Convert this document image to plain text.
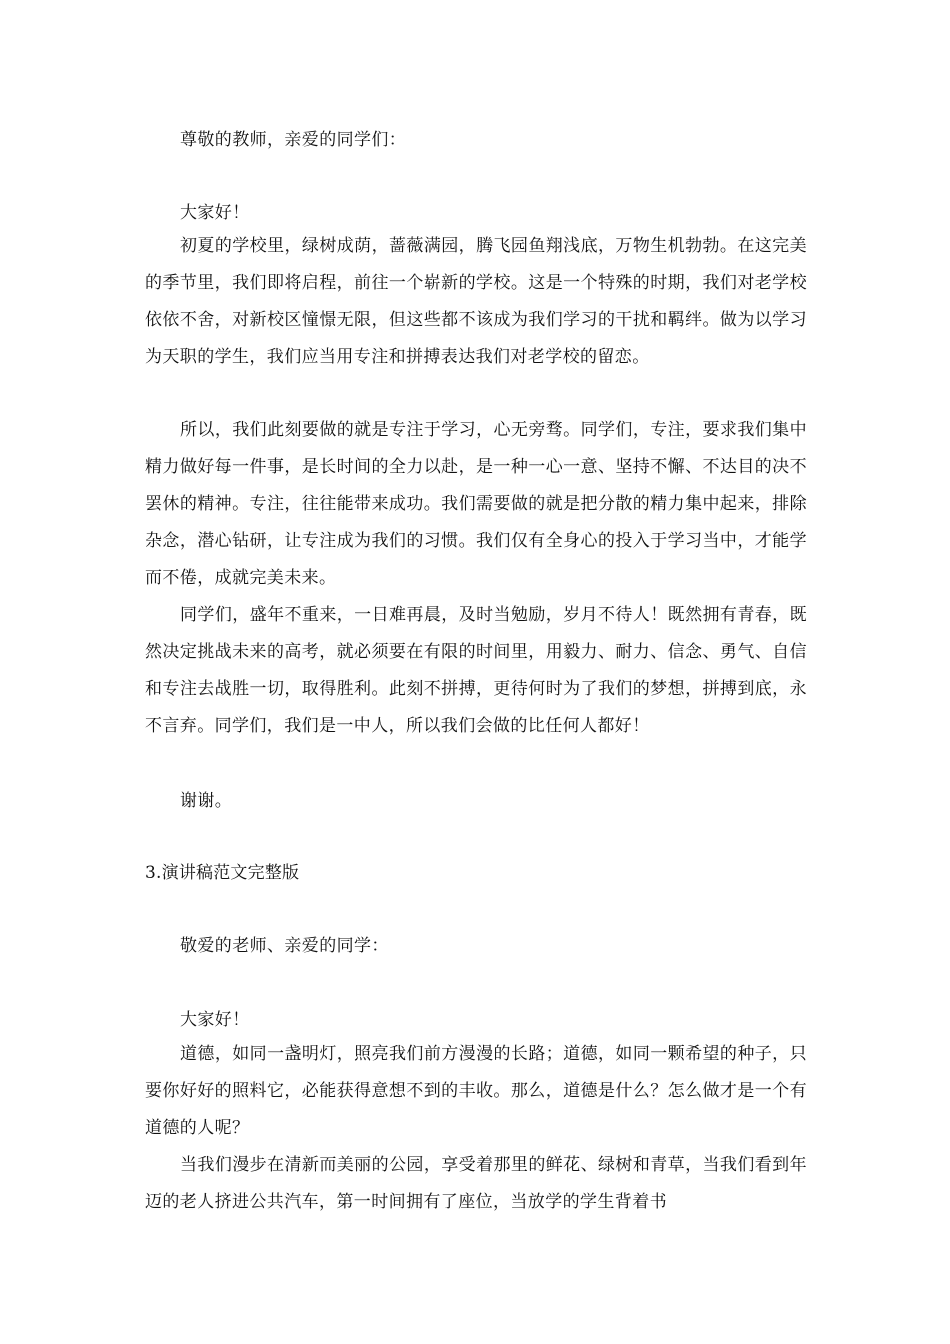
尊敬的教师，亲爱的同学们：

大家好！

初夏的学校里，绿树成荫，蔷薇满园，腾飞园鱼翔浅底，万物生机勃勃。在这完美的季节里，我们即将启程，前往一个崭新的学校。这是一个特殊的时期，我们对老学校依依不舍，对新校区憧憬无限，但这些都不该成为我们学习的干扰和羁绊。做为以学习为天职的学生，我们应当用专注和拼搏表达我们对老学校的留恋。

所以，我们此刻要做的就是专注于学习，心无旁骛。同学们，专注，要求我们集中精力做好每一件事，是长时间的全力以赴，是一种一心一意、坚持不懈、不达目的决不罢休的精神。专注，往往能带来成功。我们需要做的就是把分散的精力集中起来，排除杂念，潜心钻研，让专注成为我们的习惯。我们仅有全身心的投入于学习当中，才能学而不倦，成就完美未来。

同学们，盛年不重来，一日难再晨，及时当勉励，岁月不待人！既然拥有青春，既然决定挑战未来的高考，就必须要在有限的时间里，用毅力、耐力、信念、勇气、自信和专注去战胜一切，取得胜利。此刻不拼搏，更待何时为了我们的梦想，拼搏到底，永不言弃。同学们，我们是一中人，所以我们会做的比任何人都好！

谢谢。

3.演讲稿范文完整版

敬爱的老师、亲爱的同学：

大家好！

道德，如同一盏明灯，照亮我们前方漫漫的长路；道德，如同一颗希望的种子，只要你好好的照料它，必能获得意想不到的丰收。那么，道德是什么？怎么做才是一个有道德的人呢？

当我们漫步在清新而美丽的公园，享受着那里的鲜花、绿树和青草，当我们看到年迈的老人挤进公共汽车，第一时间拥有了座位，当放学的学生背着书
